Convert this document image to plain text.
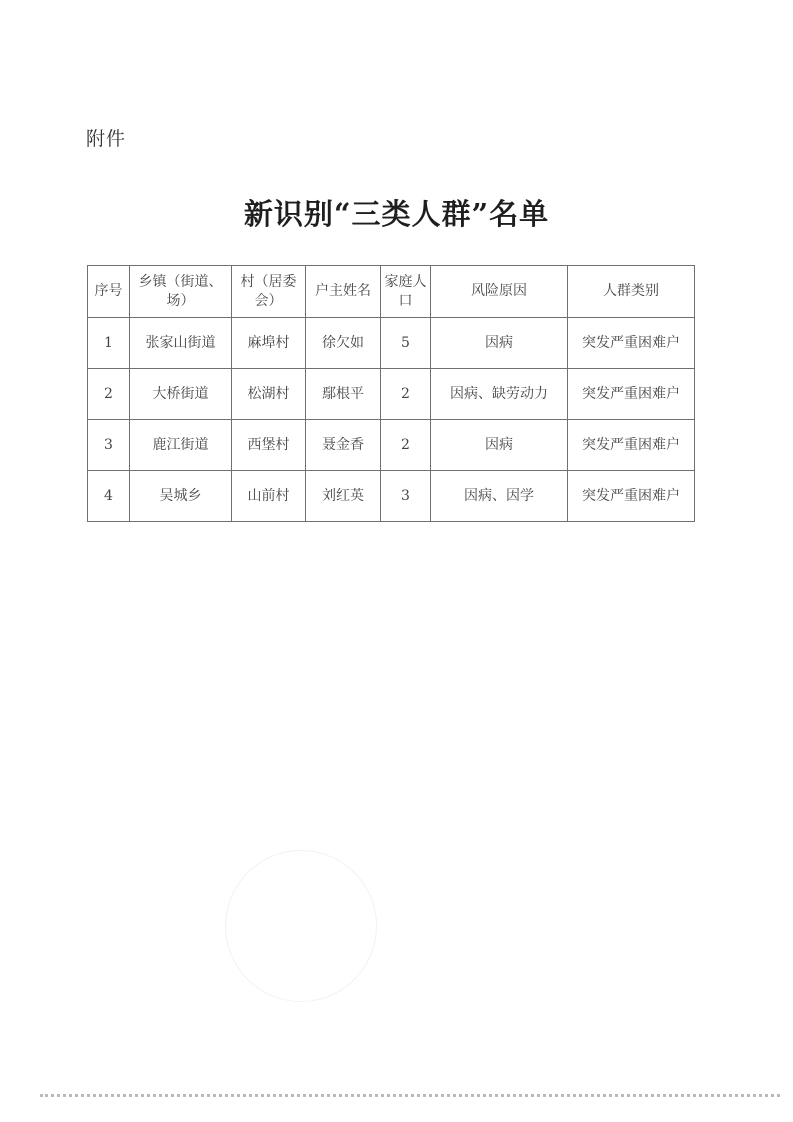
附件
新识别“三类人群”名单
序号	乡镇（街道、场）	村（居委会）	户主姓名	家庭人口	风险原因	人群类别
1	张家山街道	麻埠村	徐欠如	5	因病	突发严重困难户
2	大桥街道	松湖村	鄢根平	2	因病、缺劳动力	突发严重困难户
3	鹿江街道	西堡村	聂金香	2	因病	突发严重困难户
4	吴城乡	山前村	刘红英	3	因病、因学	突发严重困难户
